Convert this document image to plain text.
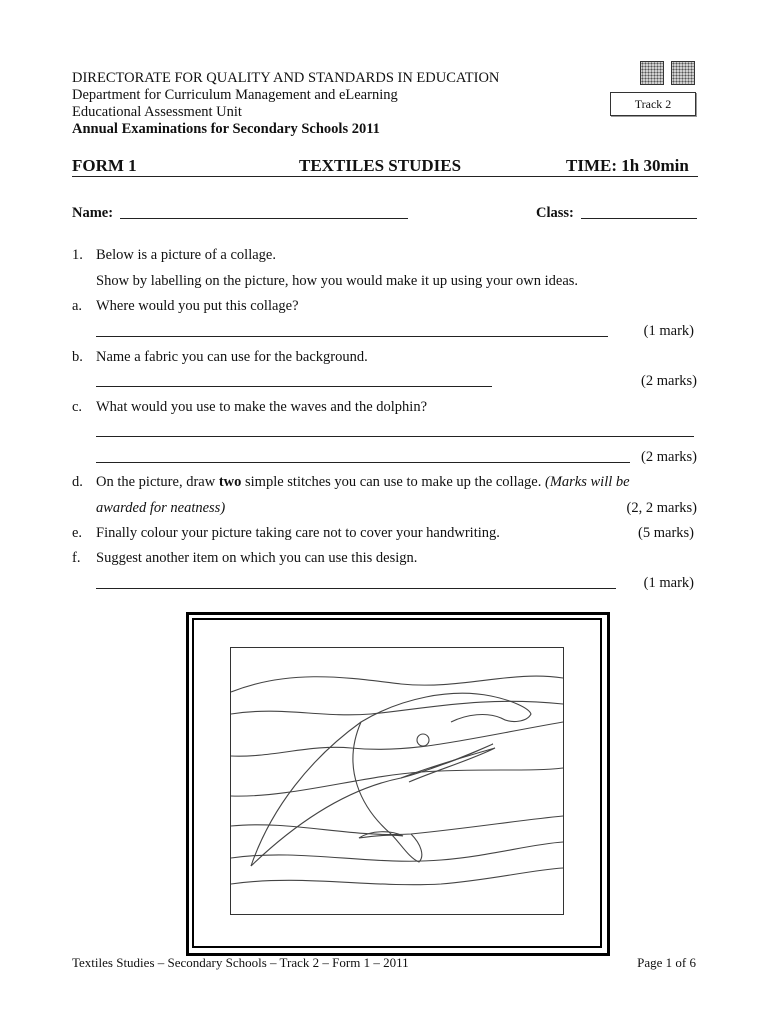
DIRECTORATE FOR QUALITY AND STANDARDS IN EDUCATION
Department for Curriculum Management and eLearning
Educational Assessment Unit
Annual Examinations for Secondary Schools 2011
Track 2
FORM 1	TEXTILES STUDIES	TIME: 1h 30min
Name:	Class:
1. Below is a picture of a collage.
Show by labelling on the picture, how you would make it up using your own ideas.
a. Where would you put this collage?
(1 mark)
b. Name a fabric you can use for the background.
(2 marks)
c. What would you use to make the waves and the dolphin?
(2 marks)
d. On the picture, draw two simple stitches you can use to make up the collage. (Marks will be
awarded for neatness)	(2, 2 marks)
e. Finally colour your picture taking care not to cover your handwriting.	(5 marks)
f. Suggest another item on which you can use this design.
(1 mark)
Textiles Studies – Secondary Schools – Track 2 – Form 1 – 2011	Page 1 of 6
